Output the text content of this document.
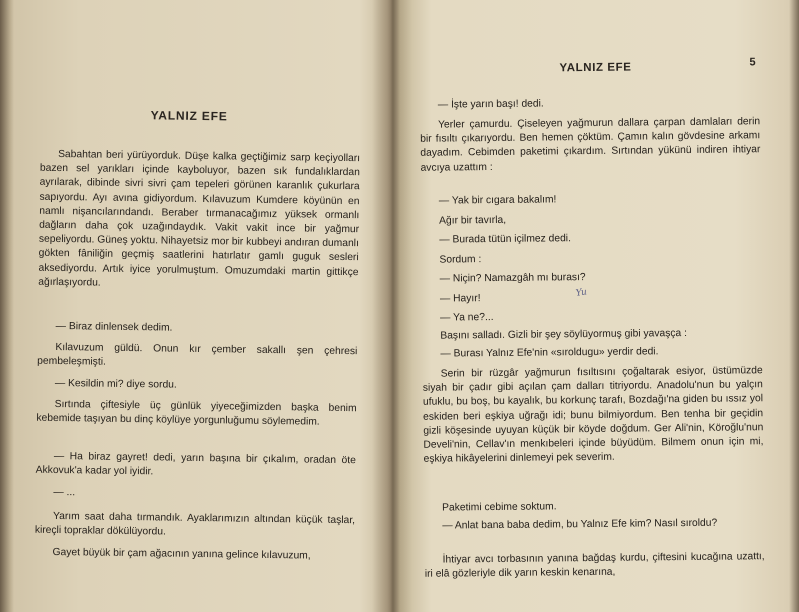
YALNIZ EFE

Sabahtan beri yürüyorduk. Düşe kalka geçtiğimiz sarp keçiyolları bazen sel yarıkları içinde kayboluyor, bazen sık fundalıklardan ayrılarak, dibinde sivri sivri çam tepeleri görünen karanlık çukurlara sapıyordu. Ayı avına gidiyordum. Kılavuzum Kumdere köyünün en namlı nişancılarındandı. Beraber tırmanacağımız yüksek ormanlı dağların daha çok uzağındaydık. Vakit vakit ince bir yağmur sepeliyordu. Güneş yoktu. Nihayetsiz mor bir kubbeyi andıran dumanlı gökten fâniliğin geçmiş saatlerini hatırlatır gamlı guguk sesleri aksediyordu. Artık iyice yorulmuştum. Omuzumdaki martin gittikçe ağırlaşıyordu.

— Biraz dinlensek dedim.

Kılavuzum güldü. Onun kır çember sakallı şen çehresi pembeleşmişti.

— Kesildin mi? diye sordu.

Sırtında çiftesiyle üç günlük yiyeceğimizden başka benim kebemide taşıyan bu dinç köylüye yorgunluğumu söylemedim.

— Ha biraz gayret! dedi, yarın başına bir çıkalım, oradan öte Akkovuk'a kadar yol iyidir.

— ...

Yarım saat daha tırmandık. Ayaklarımızın altından küçük taşlar, kireçli topraklar dökülüyordu.

Gayet büyük bir çam ağacının yanına gelince kılavuzum,

YALNIZ EFE	5

— İşte yarın başı! dedi.

Yerler çamurdu. Çiseleyen yağmurun dallara çarpan damlaları derin bir fısıltı çıkarıyordu. Ben hemen çöktüm. Çamın kalın gövdesine arkamı dayadım. Cebimden paketimi çıkardım. Sırtından yükünü indiren ihtiyar avcıya uzattım :

— Yak bir cıgara bakalım!

Ağır bir tavırla,

— Burada tütün içilmez dedi.

Sordum :

— Niçin? Namazgâh mı burası?

— Hayır!

— Ya ne?...

Başını salladı. Gizli bir şey söylüyormuş gibi yavaşça :

— Burası Yalnız Efe'nin «sıroldugu» yerdir dedi.

Serin bir rüzgâr yağmurun fısıltısını çoğaltarak esiyor, üstümüzde siyah bir çadır gibi açılan çam dalları titriyordu. Anadolu'nun bu yalçın ufuklu, bu boş, bu kayalık, bu korkunç tarafı, Bozdağı'na giden bu ıssız yol eskiden beri eşkiya uğrağı idi; bunu bilmiyordum. Ben tenha bir geçidin gizli köşesinde uyuyan küçük bir köyde doğdum. Ger Ali'nin, Köroğlu'nun Develi'nin, Cellav'ın menkıbeleri içinde büyüdüm. Bilmem onun için mi, eşkiya hikâyelerini dinlemeyi pek severim.

Paketimi cebime soktum.

— Anlat bana baba dedim, bu Yalnız Efe kim? Nasıl sıroldu?

İhtiyar avcı torbasının yanına bağdaş kurdu, çiftesini kucağına uzattı, iri elâ gözleriyle dik yarın keskin kenarına,

Yu
